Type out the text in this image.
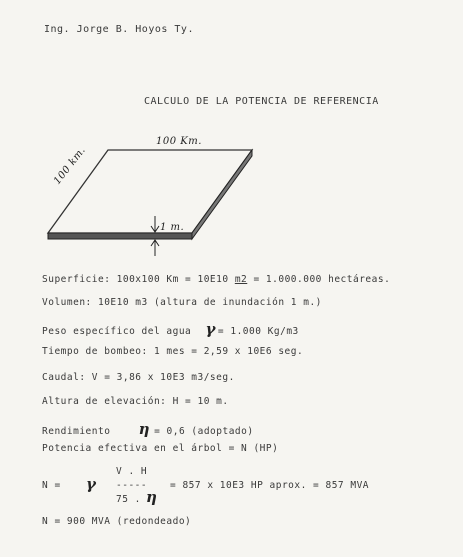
Ing. Jorge B. Hoyos Ty.
CALCULO DE LA POTENCIA DE REFERENCIA
100 Km.
100 km.
1 m.
Superficie: 100x100 Km = 10E10 m2 = 1.000.000 hectáreas.
Volumen: 10E10 m3 (altura de inundación 1 m.)
Peso específico del agua γ = 1.000 Kg/m3
Tiempo de bombeo: 1 mes = 2,59 x 10E6 seg.
Caudal: V = 3,86 x 10E3 m3/seg.
Altura de elevación: H = 10 m.
Rendimiento η = 0,6 (adoptado)
Potencia efectiva en el árbol = N (HP)
N = γ
V . H
-----
75 . η
= 857 x 10E3 HP aprox. = 857 MVA
N = 900 MVA (redondeado)
